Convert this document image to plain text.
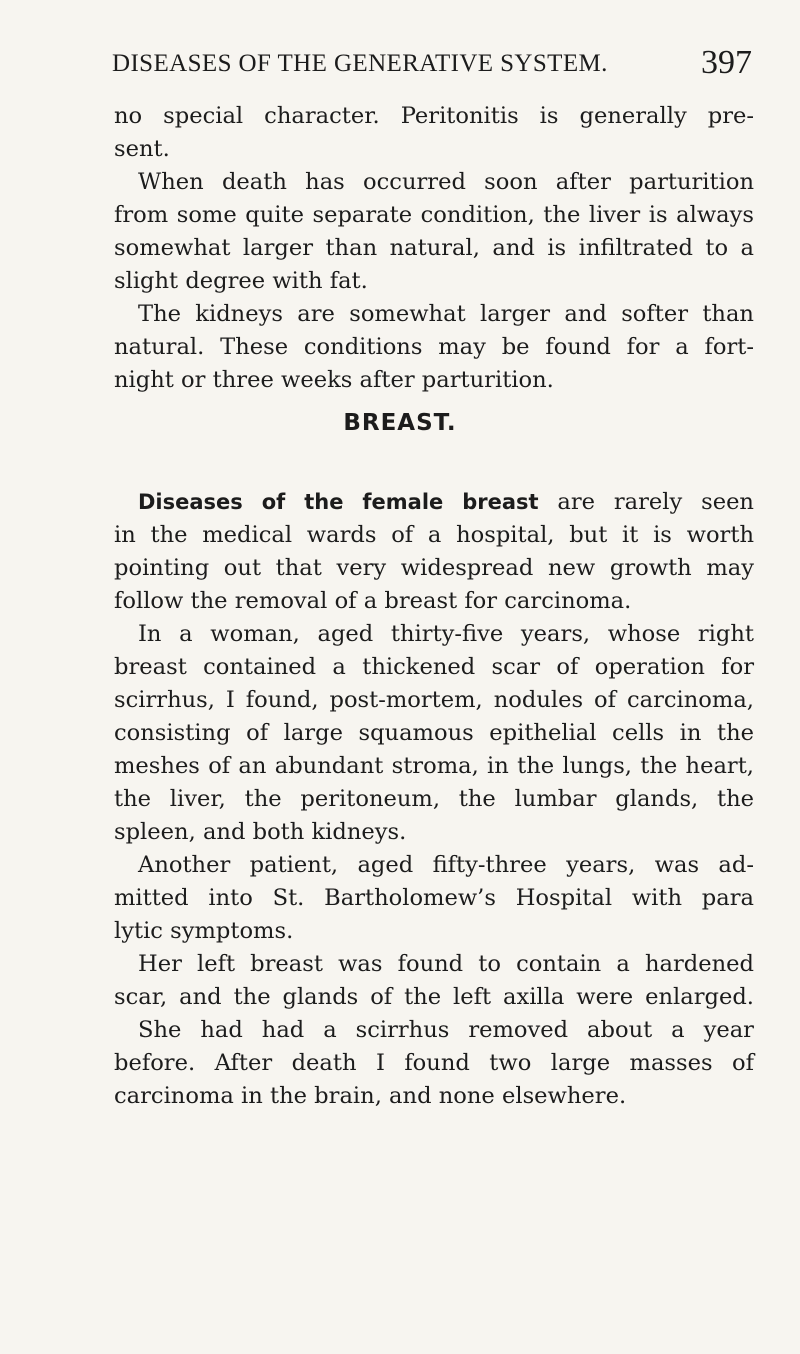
DISEASES OF THE GENERATIVE SYSTEM.	397
no special character. Peritonitis is generally pre-
sent.
When death has occurred soon after parturition
from some quite separate condition, the liver is always
somewhat larger than natural, and is infiltrated to a
slight degree with fat.
The kidneys are somewhat larger and softer than
natural. These conditions may be found for a fort-
night or three weeks after parturition.
BREAST.
Diseases of the female breast are rarely seen
in the medical wards of a hospital, but it is worth
pointing out that very widespread new growth may
follow the removal of a breast for carcinoma.
In a woman, aged thirty-five years, whose right
breast contained a thickened scar of operation for
scirrhus, I found, post-mortem, nodules of carcinoma,
consisting of large squamous epithelial cells in the
meshes of an abundant stroma, in the lungs, the heart,
the liver, the peritoneum, the lumbar glands, the
spleen, and both kidneys.
Another patient, aged fifty-three years, was ad-
mitted into St. Bartholomew’s Hospital with para
lytic symptoms.
Her left breast was found to contain a hardened
scar, and the glands of the left axilla were enlarged.
She had had a scirrhus removed about a year
before. After death I found two large masses of
carcinoma in the brain, and none elsewhere.
